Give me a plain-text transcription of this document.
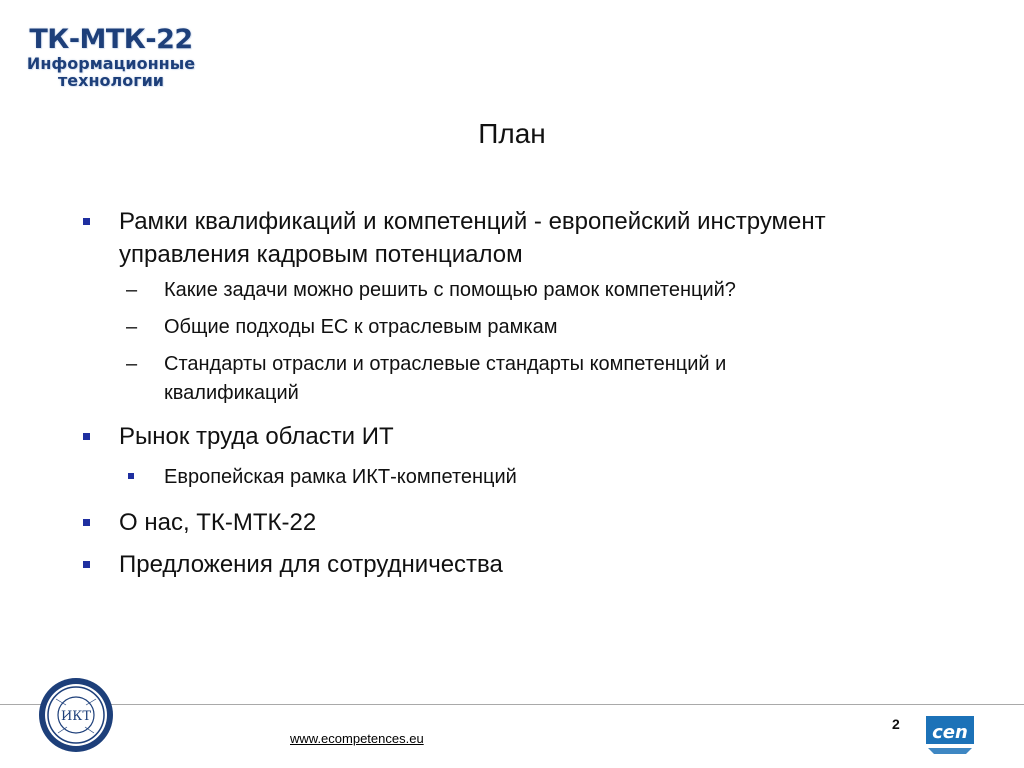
ТК-МТК-22
Информационные
технологии
План
Рамки квалификаций и компетенций - европейский инструмент
управления кадровым потенциалом
– Какие задачи можно решить с помощью рамок компетенций?
– Общие подходы ЕС к отраслевым рамкам
– Стандарты отрасли и отраслевые стандарты компетенций и
квалификаций
Рынок труда области ИТ
Европейская рамка ИКТ-компетенций
О нас, ТК-МТК-22
Предложения для сотрудничества
ИКТ
www.ecompetences.eu
2 cen
